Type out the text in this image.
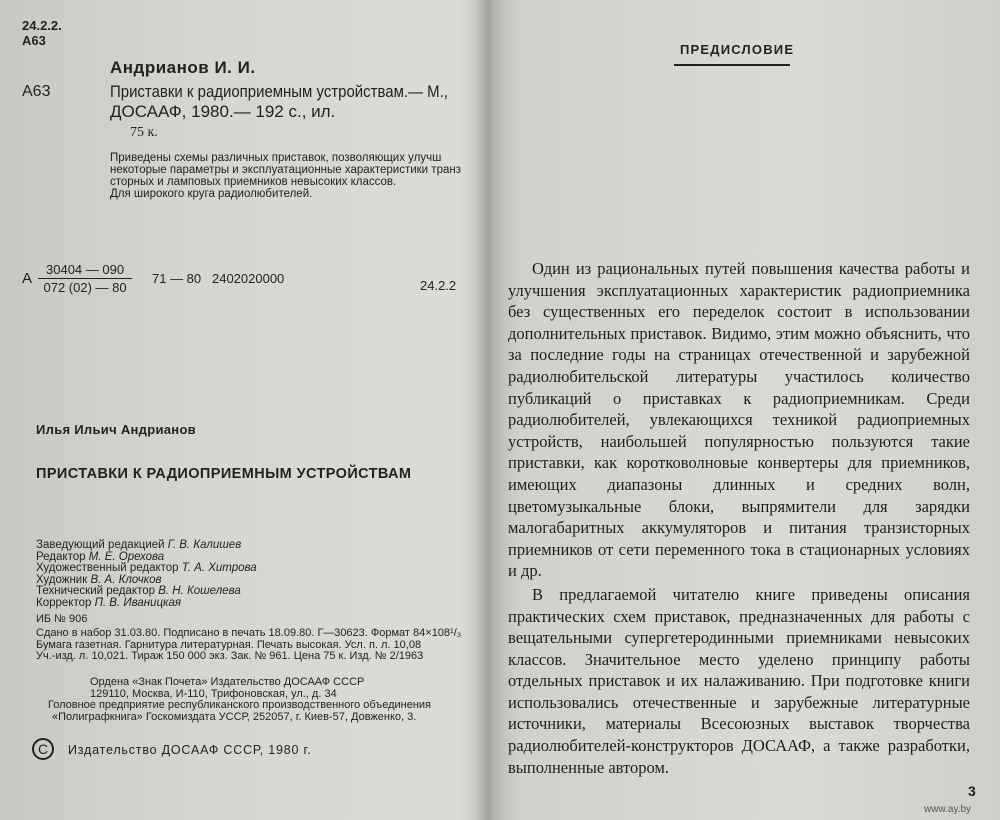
24.2.2.
А63
Андрианов И. И.
А63	Приставки к радиоприемным устройствам.— М.,
ДОСААФ, 1980.— 192 с., ил.
75 к.
Приведены схемы различных приставок, позволяющих улучш
некоторые параметры и эксплуатационные характеристики транз
сторных и ламповых приемников невысоких классов.
Для широкого круга радиолюбителей.
А $\frac{30404 — 090}{072 (02) — 80} 71$ — 80   2402020000	24.2.2
Илья Ильич Андрианов
ПРИСТАВКИ К РАДИОПРИЕМНЫМ УСТРОЙСТВАМ
Заведующий редакцией Г. В. Калишев
Редактор М. Е. Орехова
Художественный редактор Т. А. Хитрова
Художник В. А. Клочков
Технический редактор В. Н. Кошелева
Корректор П. В. Иваницкая
ИБ № 906
Сдано в набор 31.03.80. Подписано в печать 18.09.80. Г—30623. Формат 84×108¹/₃
Бумага газетная. Гарнитура литературная. Печать высокая. Усл. п. л. 10,08
Уч.-изд. л. 10,021. Тираж 150 000 экз. Зак. № 961. Цена 75 к. Изд. № 2/1963
Ордена «Знак Почета» Издательство ДОСААФ СССР
129110, Москва, И-110, Трифоновская, ул., д. 34
Головное предприятие республиканского производственного объединения
«Полиграфкнига» Госкомиздата УССР, 252057, г. Киев-57, Довженко, 3.
С	Издательство ДОСААФ СССР, 1980 г.
ПРЕДИСЛОВИЕ

Один из рациональных путей повышения качества работы и улучшения эксплуатационных характеристик радиоприемника без существенных его переделок состоит в использовании дополнительных приставок. Видимо, этим можно объяснить, что за последние годы на страницах отечественной и зарубежной радиолюбительской литературы участилось количество публикаций о приставках к радиоприемникам. Среди радиолюбителей, увлекающихся техникой радиоприемных устройств, наибольшей популярностью пользуются такие приставки, как коротковолновые конвертеры для приемников, имеющих диапазоны длинных и средних волн, цветомузыкальные блоки, выпрямители для зарядки малогабаритных аккумуляторов и питания транзисторных приемников от сети переменного тока в стационарных условиях и др.

В предлагаемой читателю книге приведены описания практических схем приставок, предназначенных для работы с вещательными супергетеродинными приемниками невысоких классов. Значительное место уделено принципу работы отдельных приставок и их налаживанию. При подготовке книги использовались отечественные и зарубежные литературные источники, материалы Всесоюзных выставок творчества радиолюбителей-конструкторов ДОСААФ, а также разработки, выполненные автором.

3
www.ay.by
